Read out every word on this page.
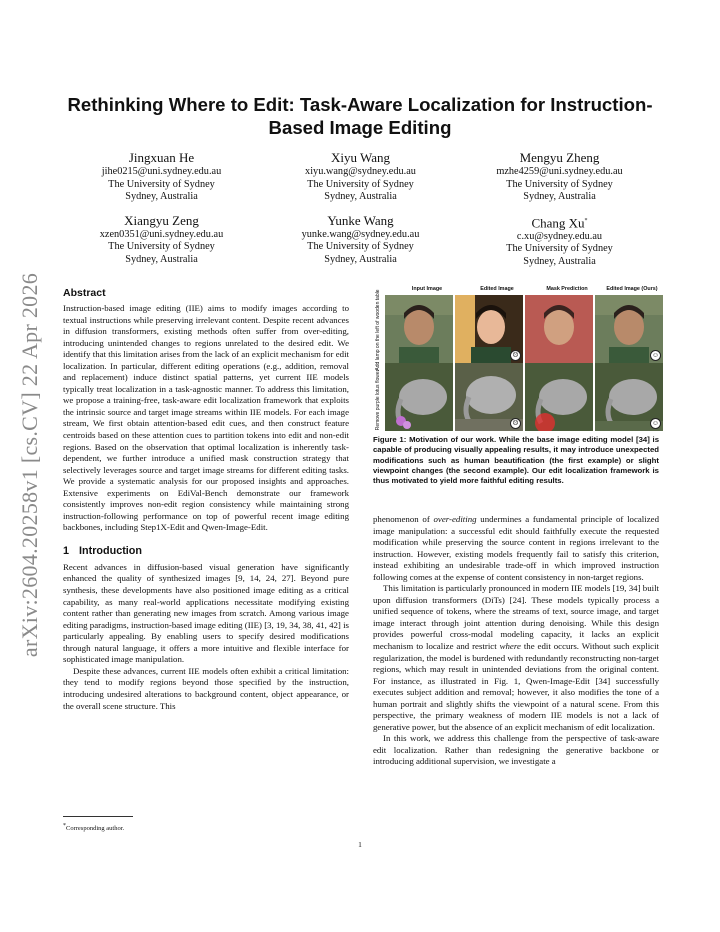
arXiv:2604.20258v1 [cs.CV] 22 Apr 2026
Rethinking Where to Edit: Task-Aware Localization for Instruction-Based Image Editing
Jingxuan He
jihe0215@uni.sydney.edu.au
The University of Sydney
Sydney, Australia
Xiyu Wang
xiyu.wang@sydney.edu.au
The University of Sydney
Sydney, Australia
Mengyu Zheng
mzhe4259@uni.sydney.edu.au
The University of Sydney
Sydney, Australia
Xiangyu Zeng
xzen0351@uni.sydney.edu.au
The University of Sydney
Sydney, Australia
Yunke Wang
yunke.wang@sydney.edu.au
The University of Sydney
Sydney, Australia
Chang Xu*
c.xu@sydney.edu.au
The University of Sydney
Sydney, Australia
Abstract

Instruction-based image editing (IIE) aims to modify images according to textual instructions while preserving irrelevant content. Despite recent advances in diffusion transformers, existing methods often suffer from over-editing, introducing unintended changes to regions unrelated to the desired edit. We identify that this limitation arises from the lack of an explicit mechanism for edit localization. In particular, different editing operations (e.g., addition, removal and replacement) induce distinct spatial patterns, yet current IIE models typically treat localization in a task-agnostic manner. To address this limitation, we propose a training-free, task-aware edit localization framework that exploits the intrinsic source and target image streams within IIE models. For each image stream, We first obtain attention-based edit cues, and then construct feature centroids based on these attention cues to partition tokens into edit and non-edit regions. Based on the observation that optimal localization is inherently task-dependent, we further introduce a unified mask construction strategy that selectively leverages source and target image streams for different editing tasks. We provide a systematic analysis for our proposed insights and approaches. Extensive experiments on EdiVal-Bench demonstrate our framework consistently improves non-edit region consistency while maintaining strong instruction-following performance on top of powerful recent image editing backbones, including Step1X-Edit and Qwen-Image-Edit.

1 Introduction

Recent advances in diffusion-based visual generation have significantly enhanced the quality of synthesized images [9, 14, 24, 27]. Beyond pure synthesis, these developments have also positioned image editing as a critical capability, as many real-world applications necessitate modifying existing content rather than generating new images from scratch. Among various image editing paradigms, instruction-based image editing (IIE) [3, 19, 34, 38, 41, 42] is particularly appealing. By enabling users to specify desired modifications through natural language, it offers a more intuitive and flexible interface for sophisticated image manipulation.

Despite these advances, current IIE models often exhibit a critical limitation: they tend to modify regions beyond those specified by the instruction, introducing undesired alterations to background content, object appearance, or the overall scene structure. This

Input Image	Edited Image	Mask Prediction	Edited Image (Ours)
Add lamp on the left of wooden table
Remove purple lotus flower
☹	☺
☹	☺

Figure 1: Motivation of our work. While the base image editing model [34] is capable of producing visually appealing results, it may introduce unexpected modifications such as human beautification (the first example) or slight viewpoint changes (the second example). Our edit localization framework is thus motivated to yield more faithful editing results.

phenomenon of over-editing undermines a fundamental principle of localized image manipulation: a successful edit should faithfully execute the requested modification while preserving the source content in regions irrelevant to the instruction. However, existing models frequently fail to satisfy this criterion, instead exhibiting an undesirable trade-off in which improved instruction following comes at the expense of content consistency in non-target regions.

This limitation is particularly pronounced in modern IIE models [19, 34] built upon diffusion transformers (DiTs) [24]. These models typically process a unified sequence of tokens, where the streams of text, source image, and target image interact through joint attention during denoising. While this design provides powerful cross-modal modeling capacity, it lacks an explicit mechanism to localize and restrict where the edit occurs. Without such explicit regularization, the model is burdened with redundantly reconstructing non-target regions, which may result in unintended deviations from the original content. For instance, as illustrated in Fig. 1, Qwen-Image-Edit [34] successfully executes subject addition and removal; however, it also modifies the tone of a human portrait and slightly shifts the viewpoint of a natural scene. From this perspective, the primary weakness of modern IIE models is not a lack of generative power, but the absence of an explicit mechanism of edit localization.

In this work, we address this challenge from the perspective of task-aware edit localization. Rather than redesigning the generative backbone or introducing additional supervision, we investigate a

*Corresponding author.
1
